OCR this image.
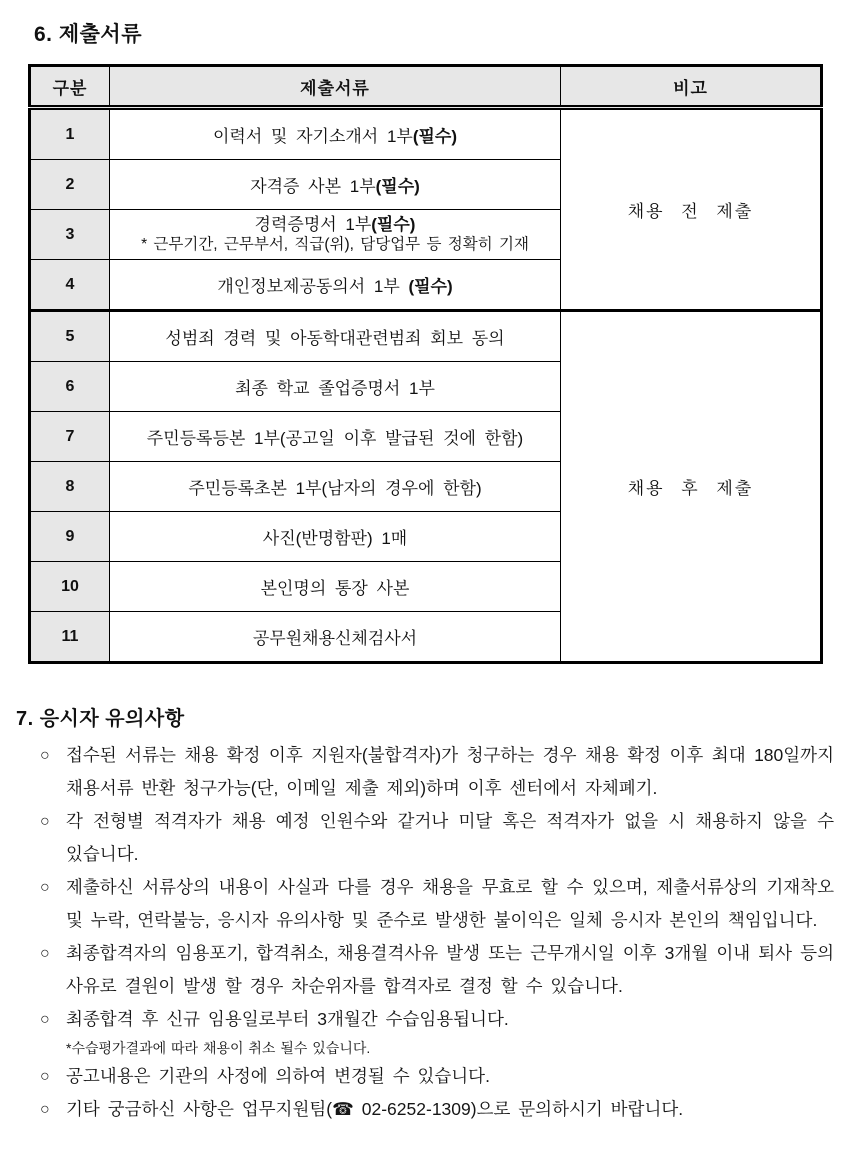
6. 제출서류
구분	제출서류	비고
1	이력서 및 자기소개서 1부(필수)	채용 전 제출
2	자격증 사본 1부(필수)	
3	경력증명서 1부(필수)
* 근무기간, 근무부서, 직급(위), 담당업무 등 정확히 기재	

4	개인정보제공동의서 1부 (필수)	
5	성범죄 경력 및 아동학대관련범죄 회보 동의	채용 후 제출
6	최종 학교 졸업증명서 1부	
7	주민등록등본 1부(공고일 이후 발급된 것에 한함)	
8	주민등록초본 1부(남자의 경우에 한함)	
9	사진(반명함판) 1매	
10	본인명의 통장 사본	
11	공무원채용신체검사서	
7. 응시자 유의사항
○ 접수된 서류는 채용 확정 이후 지원자(불합격자)가 청구하는 경우 채용 확정 이후 최대 180일까지 채용서류 반환 청구가능(단, 이메일 제출 제외)하며 이후 센터에서 자체폐기.

○ 각 전형별 적격자가 채용 예정 인원수와 같거나 미달 혹은 적격자가 없을 시 채용하지 않을 수 있습니다.

○ 제출하신 서류상의 내용이 사실과 다를 경우 채용을 무효로 할 수 있으며, 제출서류상의 기재착오 및 누락, 연락불능, 응시자 유의사항 및 준수로 발생한 불이익은 일체 응시자 본인의 책임입니다.

○ 최종합격자의 임용포기, 합격취소, 채용결격사유 발생 또는 근무개시일 이후 3개월 이내 퇴사 등의 사유로 결원이 발생 할 경우 차순위자를 합격자로 결정 할 수 있습니다.

○ 최종합격 후 신규 임용일로부터 3개월간 수습임용됩니다.

*수습평가결과에 따라 채용이 취소 될수 있습니다.
○ 공고내용은 기관의 사정에 의하여 변경될 수 있습니다.

○ 기타 궁금하신 사항은 업무지원팀(☎ 02-6252-1309)으로 문의하시기 바랍니다.
